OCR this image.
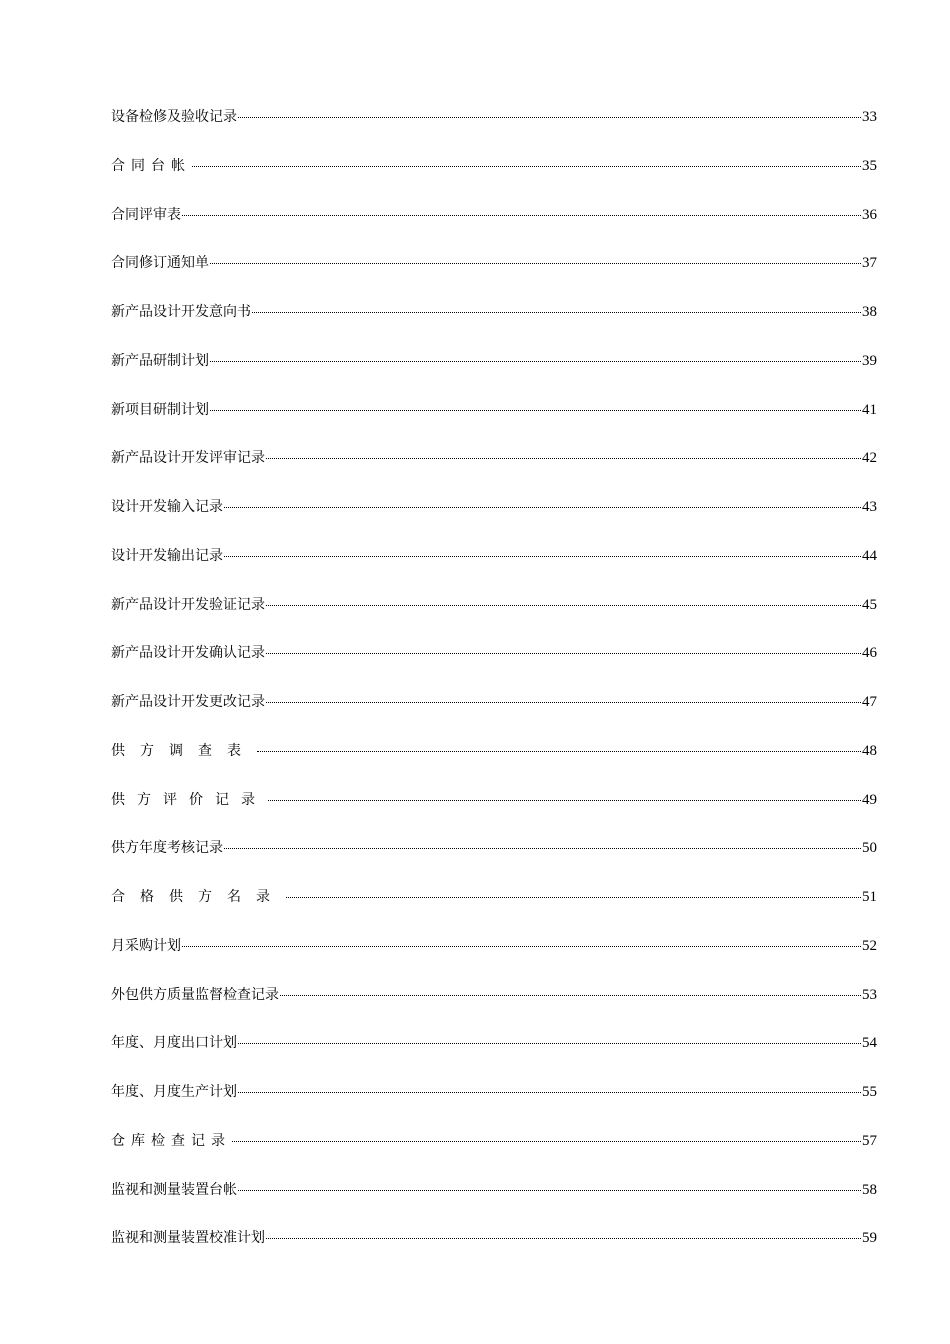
设备检修及验收记录	33
合同台帐	35
合同评审表	36
合同修订通知单	37
新产品设计开发意向书	38
新产品研制计划	39
新项目研制计划	41
新产品设计开发评审记录	42
设计开发输入记录	43
设计开发输出记录	44
新产品设计开发验证记录	45
新产品设计开发确认记录	46
新产品设计开发更改记录	47
供方调查表	48
供方评价记录	49
供方年度考核记录	50
合格供方名录	51
月采购计划	52
外包供方质量监督检查记录	53
年度、月度出口计划	54
年度、月度生产计划	55
仓库检查记录	57
监视和测量装置台帐	58
监视和测量装置校准计划	59
